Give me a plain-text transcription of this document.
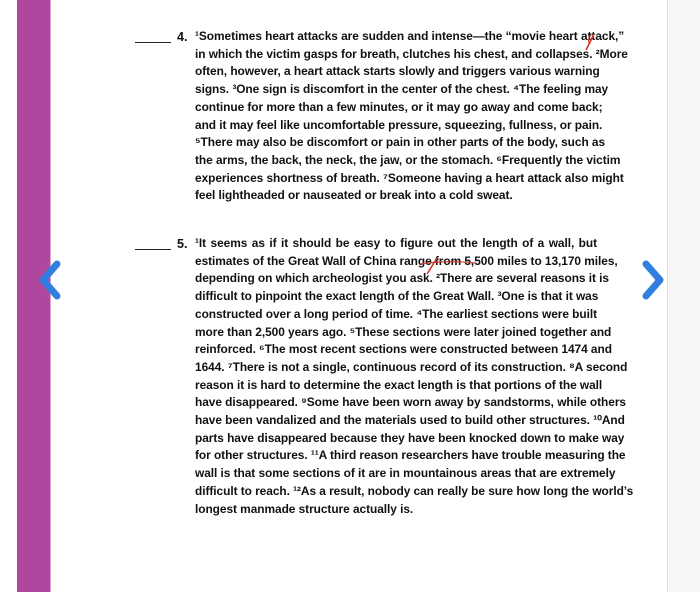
4. ¹Sometimes heart attacks are sudden and intense—the “movie heart attack,”
in which the victim gasps for breath, clutches his chest, and collapses. ²More
often, however, a heart attack starts slowly and triggers various warning
signs. ³One sign is discomfort in the center of the chest. ⁴The feeling may
continue for more than a few minutes, or it may go away and come back;
and it may feel like uncomfortable pressure, squeezing, fullness, or pain.
⁵There may also be discomfort or pain in other parts of the body, such as
the arms, the back, the neck, the jaw, or the stomach. ⁶Frequently the victim
experiences shortness of breath. ⁷Someone having a heart attack also might
feel lightheaded or nauseated or break into a cold sweat.
5. ¹It seems as if it should be easy to figure out the length of a wall, but
estimates of the Great Wall of China range from 5,500 miles to 13,170 miles,
depending on which archeologist you ask. ²There are several reasons it is
difficult to pinpoint the exact length of the Great Wall. ³One is that it was
constructed over a long period of time. ⁴The earliest sections were built
more than 2,500 years ago. ⁵These sections were later joined together and
reinforced. ⁶The most recent sections were constructed between 1474 and
1644. ⁷There is not a single, continuous record of its construction. ⁸A second
reason it is hard to determine the exact length is that portions of the wall
have disappeared. ⁹Some have been worn away by sandstorms, while others
have been vandalized and the materials used to build other structures. ¹⁰And
parts have disappeared because they have been knocked down to make way
for other structures. ¹¹A third reason researchers have trouble measuring the
wall is that some sections of it are in mountainous areas that are extremely
difficult to reach. ¹²As a result, nobody can really be sure how long the world’s
longest manmade structure actually is.
